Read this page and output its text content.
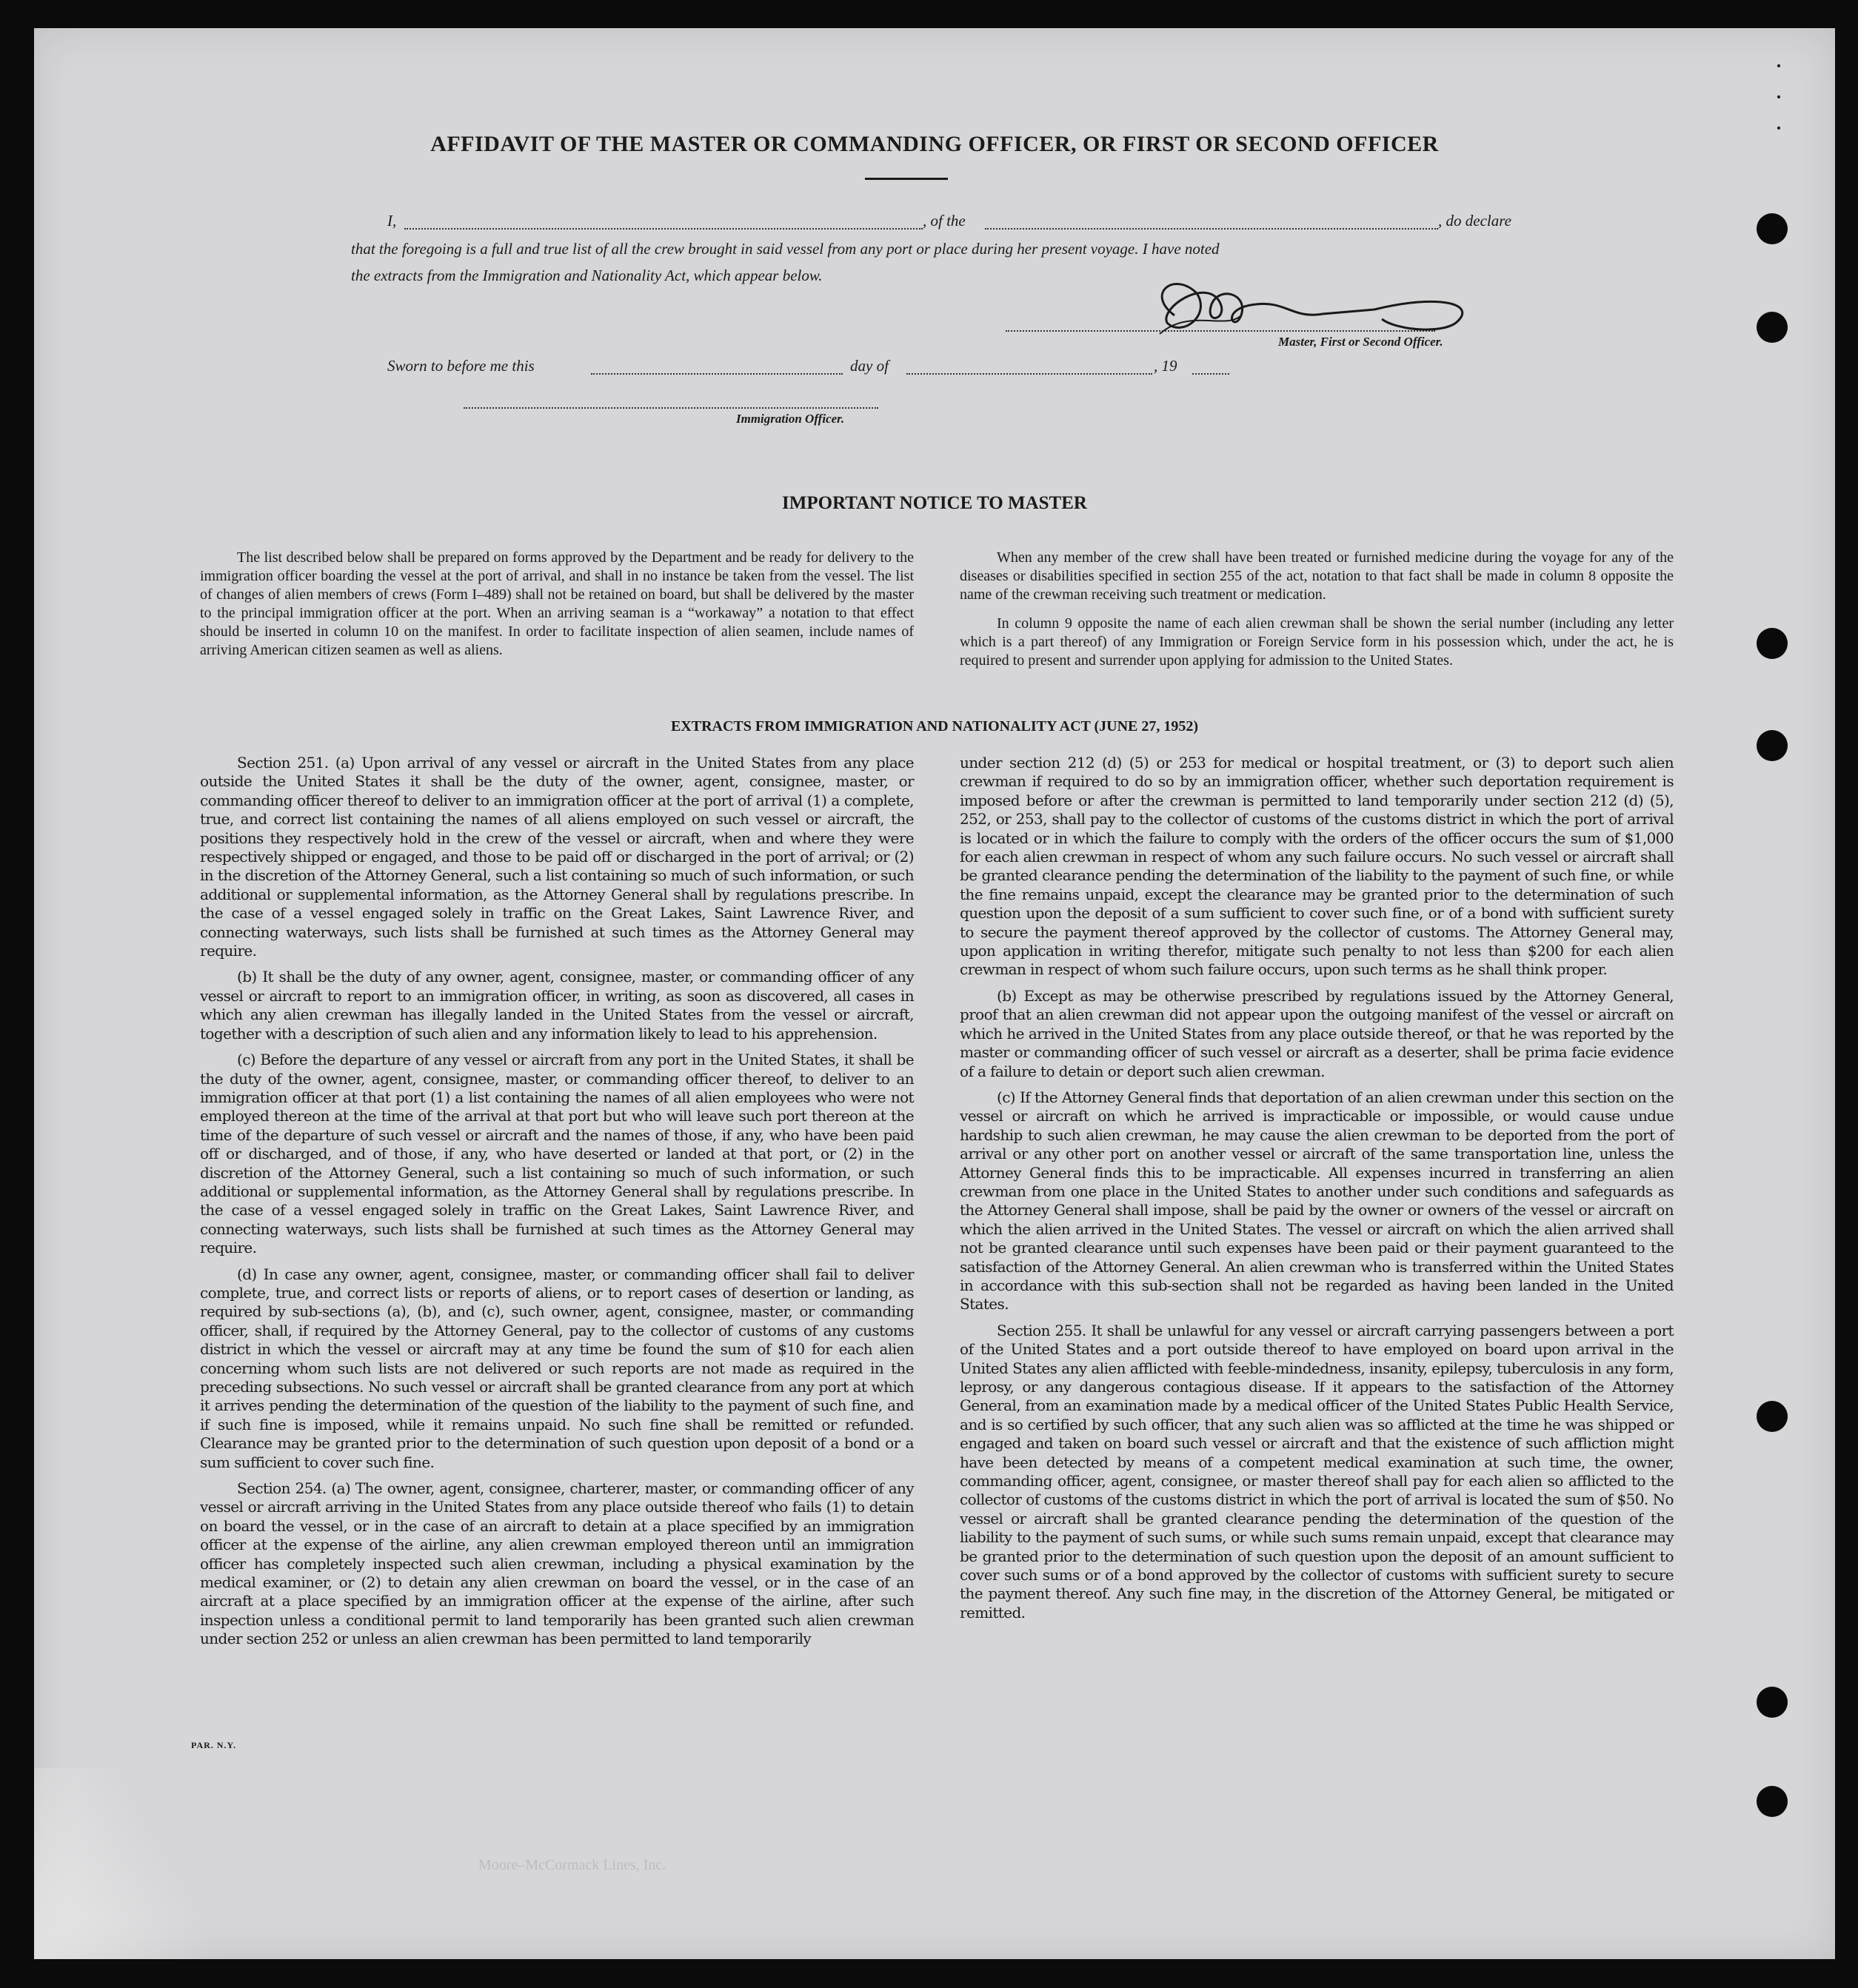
· · ·
AFFIDAVIT OF THE MASTER OR COMMANDING OFFICER, OR FIRST OR SECOND OFFICER
I,	, of the	, do declare
that the foregoing is a full and true list of all the crew brought in said vessel from any port or place during her present voyage. I have noted
the extracts from the Immigration and Nationality Act, which appear below.
Master, First or Second Officer.
Sworn to before me this	day of	, 19
Immigration Officer.
IMPORTANT NOTICE TO MASTER

The list described below shall be prepared on forms approved by the Department and be ready for delivery to the immigration officer boarding the vessel at the port of arrival, and shall in no instance be taken from the vessel. The list of changes of alien members of crews (Form I–489) shall not be retained on board, but shall be delivered by the master to the principal immigration officer at the port. When an arriving seaman is a “workaway” a notation to that effect should be inserted in column 10 on the manifest. In order to facilitate inspection of alien seamen, include names of arriving American citizen seamen as well as aliens.

When any member of the crew shall have been treated or furnished medicine during the voyage for any of the diseases or disabilities specified in section 255 of the act, notation to that fact shall be made in column 8 opposite the name of the crewman receiving such treatment or medication.

In column 9 opposite the name of each alien crewman shall be shown the serial number (including any letter which is a part thereof) of any Immigration or Foreign Service form in his possession which, under the act, he is required to present and surrender upon applying for admission to the United States.

EXTRACTS FROM IMMIGRATION AND NATIONALITY ACT (JUNE 27, 1952)

Section 251. (a) Upon arrival of any vessel or aircraft in the United States from any place outside the United States it shall be the duty of the owner, agent, consignee, master, or commanding officer thereof to deliver to an immigration officer at the port of arrival (1) a complete, true, and correct list containing the names of all aliens employed on such vessel or aircraft, the positions they respectively hold in the crew of the vessel or aircraft, when and where they were respectively shipped or engaged, and those to be paid off or discharged in the port of arrival; or (2) in the discretion of the Attorney General, such a list containing so much of such information, or such additional or supplemental information, as the Attorney General shall by regulations prescribe. In the case of a vessel engaged solely in traffic on the Great Lakes, Saint Lawrence River, and connecting waterways, such lists shall be furnished at such times as the Attorney General may require.

(b) It shall be the duty of any owner, agent, consignee, master, or commanding officer of any vessel or aircraft to report to an immigration officer, in writing, as soon as discovered, all cases in which any alien crewman has illegally landed in the United States from the vessel or aircraft, together with a description of such alien and any information likely to lead to his apprehension.

(c) Before the departure of any vessel or aircraft from any port in the United States, it shall be the duty of the owner, agent, consignee, master, or commanding officer thereof, to deliver to an immigration officer at that port (1) a list containing the names of all alien employees who were not employed thereon at the time of the arrival at that port but who will leave such port thereon at the time of the departure of such vessel or aircraft and the names of those, if any, who have been paid off or discharged, and of those, if any, who have deserted or landed at that port, or (2) in the discretion of the Attorney General, such a list containing so much of such information, or such additional or supplemental information, as the Attorney General shall by regulations prescribe. In the case of a vessel engaged solely in traffic on the Great Lakes, Saint Lawrence River, and connecting waterways, such lists shall be furnished at such times as the Attorney General may require.

(d) In case any owner, agent, consignee, master, or commanding officer shall fail to deliver complete, true, and correct lists or reports of aliens, or to report cases of desertion or landing, as required by sub-sections (a), (b), and (c), such owner, agent, consignee, master, or commanding officer, shall, if required by the Attorney General, pay to the collector of customs of any customs district in which the vessel or aircraft may at any time be found the sum of $10 for each alien concerning whom such lists are not delivered or such reports are not made as required in the preceding subsections. No such vessel or aircraft shall be granted clearance from any port at which it arrives pending the determination of the question of the liability to the payment of such fine, and if such fine is imposed, while it remains unpaid. No such fine shall be remitted or refunded. Clearance may be granted prior to the determination of such question upon deposit of a bond or a sum sufficient to cover such fine.

Section 254. (a) The owner, agent, consignee, charterer, master, or commanding officer of any vessel or aircraft arriving in the United States from any place outside thereof who fails (1) to detain on board the vessel, or in the case of an aircraft to detain at a place specified by an immigration officer at the expense of the airline, any alien crewman employed thereon until an immigration officer has completely inspected such alien crewman, including a physical examination by the medical examiner, or (2) to detain any alien crewman on board the vessel, or in the case of an aircraft at a place specified by an immigration officer at the expense of the airline, after such inspection unless a conditional permit to land temporarily has been granted such alien crewman under section 252 or unless an alien crewman has been permitted to land temporarily

under section 212 (d) (5) or 253 for medical or hospital treatment, or (3) to deport such alien crewman if required to do so by an immigration officer, whether such deportation requirement is imposed before or after the crewman is permitted to land temporarily under section 212 (d) (5), 252, or 253, shall pay to the collector of customs of the customs district in which the port of arrival is located or in which the failure to comply with the orders of the officer occurs the sum of $1,000 for each alien crewman in respect of whom any such failure occurs. No such vessel or aircraft shall be granted clearance pending the determination of the liability to the payment of such fine, or while the fine remains unpaid, except the clearance may be granted prior to the determination of such question upon the deposit of a sum sufficient to cover such fine, or of a bond with sufficient surety to secure the payment thereof approved by the collector of customs. The Attorney General may, upon application in writing therefor, mitigate such penalty to not less than $200 for each alien crewman in respect of whom such failure occurs, upon such terms as he shall think proper.

(b) Except as may be otherwise prescribed by regulations issued by the Attorney General, proof that an alien crewman did not appear upon the outgoing manifest of the vessel or aircraft on which he arrived in the United States from any place outside thereof, or that he was reported by the master or commanding officer of such vessel or aircraft as a deserter, shall be prima facie evidence of a failure to detain or deport such alien crewman.

(c) If the Attorney General finds that deportation of an alien crewman under this section on the vessel or aircraft on which he arrived is impracticable or impossible, or would cause undue hardship to such alien crewman, he may cause the alien crewman to be deported from the port of arrival or any other port on another vessel or aircraft of the same transportation line, unless the Attorney General finds this to be impracticable. All expenses incurred in transferring an alien crewman from one place in the United States to another under such conditions and safeguards as the Attorney General shall impose, shall be paid by the owner or owners of the vessel or aircraft on which the alien arrived in the United States. The vessel or aircraft on which the alien arrived shall not be granted clearance until such expenses have been paid or their payment guaranteed to the satisfaction of the Attorney General. An alien crewman who is transferred within the United States in accordance with this sub-section shall not be regarded as having been landed in the United States.

Section 255. It shall be unlawful for any vessel or aircraft carrying passengers between a port of the United States and a port outside thereof to have employed on board upon arrival in the United States any alien afflicted with feeble-mindedness, insanity, epilepsy, tuberculosis in any form, leprosy, or any dangerous contagious disease. If it appears to the satisfaction of the Attorney General, from an examination made by a medical officer of the United States Public Health Service, and is so certified by such officer, that any such alien was so afflicted at the time he was shipped or engaged and taken on board such vessel or aircraft and that the existence of such affliction might have been detected by means of a competent medical examination at such time, the owner, commanding officer, agent, consignee, or master thereof shall pay for each alien so afflicted to the collector of customs of the customs district in which the port of arrival is located the sum of $50. No vessel or aircraft shall be granted clearance pending the determination of the question of the liability to the payment of such sums, or while such sums remain unpaid, except that clearance may be granted prior to the determination of such question upon the deposit of an amount sufficient to cover such sums or of a bond approved by the collector of customs with sufficient surety to secure the payment thereof. Any such fine may, in the discretion of the Attorney General, be mitigated or remitted.

PAR. N.Y.
Moore–McCormack Lines, Inc.
